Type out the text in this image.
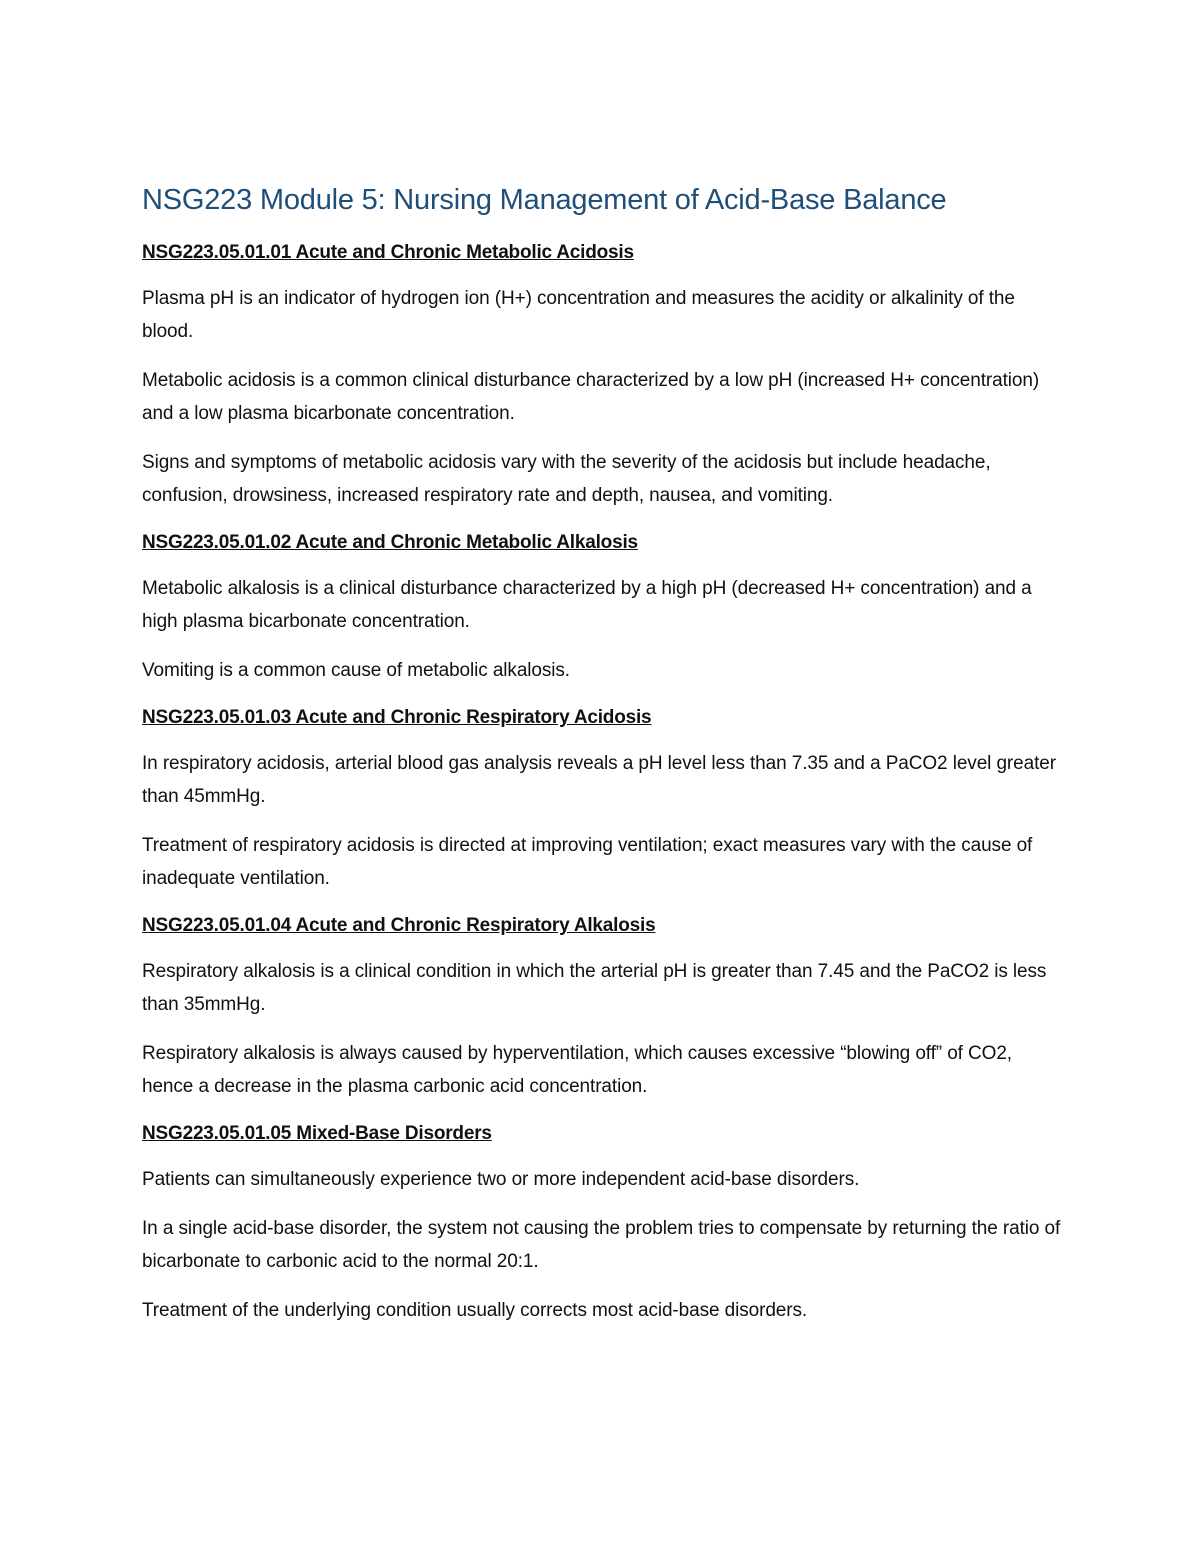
NSG223 Module 5: Nursing Management of Acid-Base Balance
NSG223.05.01.01 Acute and Chronic Metabolic Acidosis

Plasma pH is an indicator of hydrogen ion (H+) concentration and measures the acidity or alkalinity of the blood.

Metabolic acidosis is a common clinical disturbance characterized by a low pH (increased H+ concentration) and a low plasma bicarbonate concentration.

Signs and symptoms of metabolic acidosis vary with the severity of the acidosis but include headache, confusion, drowsiness, increased respiratory rate and depth, nausea, and vomiting.

NSG223.05.01.02 Acute and Chronic Metabolic Alkalosis

Metabolic alkalosis is a clinical disturbance characterized by a high pH (decreased H+ concentration) and a high plasma bicarbonate concentration.

Vomiting is a common cause of metabolic alkalosis.

NSG223.05.01.03 Acute and Chronic Respiratory Acidosis

In respiratory acidosis, arterial blood gas analysis reveals a pH level less than 7.35 and a PaCO2 level greater than 45mmHg.

Treatment of respiratory acidosis is directed at improving ventilation; exact measures vary with the cause of inadequate ventilation.

NSG223.05.01.04 Acute and Chronic Respiratory Alkalosis

Respiratory alkalosis is a clinical condition in which the arterial pH is greater than 7.45 and the PaCO2 is less than 35mmHg.

Respiratory alkalosis is always caused by hyperventilation, which causes excessive “blowing off” of CO2, hence a decrease in the plasma carbonic acid concentration.

NSG223.05.01.05 Mixed-Base Disorders

Patients can simultaneously experience two or more independent acid-base disorders.

In a single acid-base disorder, the system not causing the problem tries to compensate by returning the ratio of bicarbonate to carbonic acid to the normal 20:1.

Treatment of the underlying condition usually corrects most acid-base disorders.
